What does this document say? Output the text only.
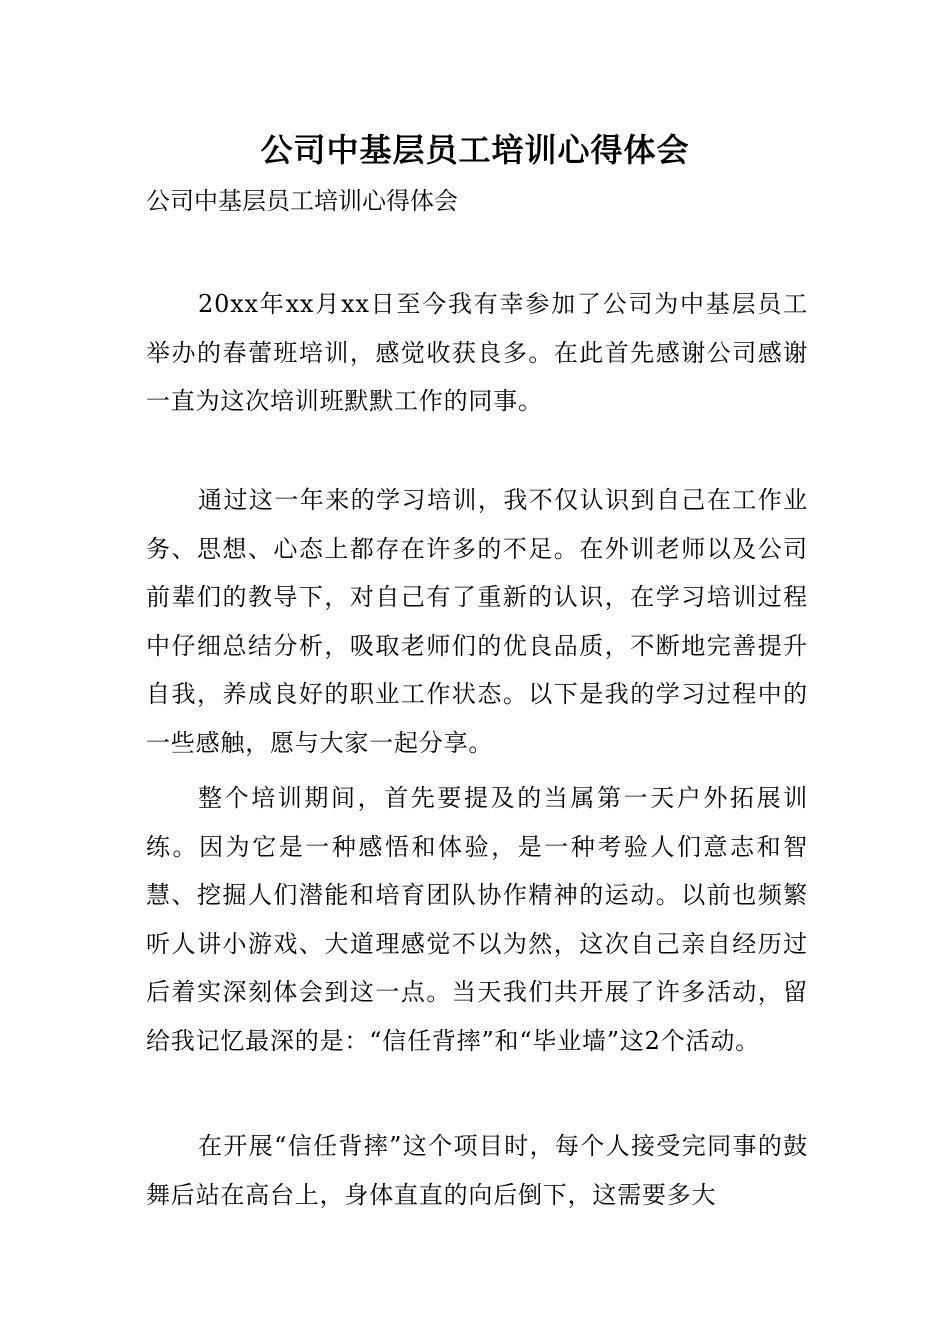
公司中基层员工培训心得体会

公司中基层员工培训心得体会

20xx年xx月xx日至今我有幸参加了公司为中基层员工举办的春蕾班培训，感觉收获良多。在此首先感谢公司感谢一直为这次培训班默默工作的同事。

通过这一年来的学习培训，我不仅认识到自己在工作业务、思想、心态上都存在许多的不足。在外训老师以及公司前辈们的教导下，对自己有了重新的认识，在学习培训过程中仔细总结分析，吸取老师们的优良品质，不断地完善提升自我，养成良好的职业工作状态。以下是我的学习过程中的一些感触，愿与大家一起分享。

整个培训期间，首先要提及的当属第一天户外拓展训练。因为它是一种感悟和体验，是一种考验人们意志和智慧、挖掘人们潜能和培育团队协作精神的运动。以前也频繁听人讲小游戏、大道理感觉不以为然，这次自己亲自经历过后着实深刻体会到这一点。当天我们共开展了许多活动，留给我记忆最深的是：“信任背摔”和“毕业墙”这2个活动。

在开展“信任背摔”这个项目时，每个人接受完同事的鼓舞后站在高台上，身体直直的向后倒下，这需要多大
